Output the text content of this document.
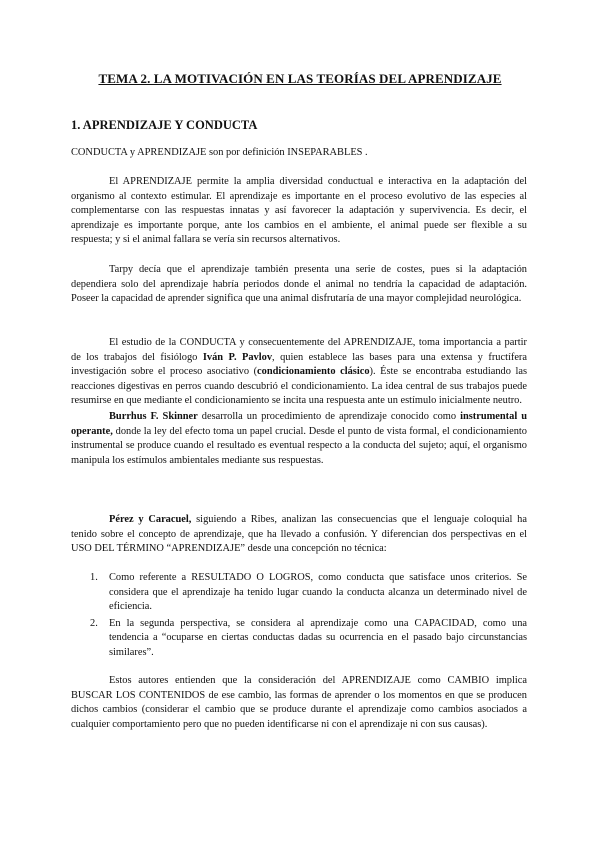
TEMA 2. LA MOTIVACIÓN EN LAS TEORÍAS DEL APRENDIZAJE
1. APRENDIZAJE Y CONDUCTA

CONDUCTA y APRENDIZAJE son por definición INSEPARABLES .

El APRENDIZAJE permite la amplia diversidad conductual e interactiva en la adaptación del organismo al contexto estimular. El aprendizaje es importante en el proceso evolutivo de las especies al complementarse con las respuestas innatas y así favorecer la adaptación y supervivencia. Es decir, el aprendizaje es importante porque, ante los cambios en el ambiente, el animal puede ser flexible a su respuesta; y si el animal fallara se vería sin recursos alternativos.

Tarpy decía que el aprendizaje también presenta una serie de costes, pues si la adaptación dependiera solo del aprendizaje habría periodos donde el animal no tendría la capacidad de adaptación. Poseer la capacidad de aprender significa que una animal disfrutaría de una mayor complejidad neurológica.

El estudio de la CONDUCTA y consecuentemente del APRENDIZAJE, toma importancia a partir de los trabajos del fisiólogo Iván P. Pavlov, quien establece las bases para una extensa y fructífera investigación sobre el proceso asociativo (condicionamiento clásico). Éste se encontraba estudiando las reacciones digestivas en perros cuando descubrió el condicionamiento. La idea central de sus trabajos puede resumirse en que mediante el condicionamiento se incita una respuesta ante un estímulo inicialmente neutro.

Burrhus F. Skinner desarrolla un procedimiento de aprendizaje conocido como instrumental u operante, donde la ley del efecto toma un papel crucial. Desde el punto de vista formal, el condicionamiento instrumental se produce cuando el resultado es eventual respecto a la conducta del sujeto; aquí, el organismo manipula los estímulos ambientales mediante sus respuestas.

Pérez y Caracuel, siguiendo a Ribes, analizan las consecuencias que el lenguaje coloquial ha tenido sobre el concepto de aprendizaje, que ha llevado a confusión. Y diferencian dos perspectivas en el USO DEL TÉRMINO “APRENDIZAJE” desde una concepción no técnica:

1. Como referente a RESULTADO O LOGROS, como conducta que satisface unos criterios. Se considera que el aprendizaje ha tenido lugar cuando la conducta alcanza un determinado nivel de eficiencia.
2. En la segunda perspectiva, se considera al aprendizaje como una CAPACIDAD, como una tendencia a “ocuparse en ciertas conductas dadas su ocurrencia en el pasado bajo circunstancias similares”.

Estos autores entienden que la consideración del APRENDIZAJE como CAMBIO implica BUSCAR LOS CONTENIDOS de ese cambio, las formas de aprender o los momentos en que se producen dichos cambios (considerar el cambio que se produce durante el aprendizaje como cambios asociados a cualquier comportamiento pero que no pueden identificarse ni con el aprendizaje ni con sus causas).
